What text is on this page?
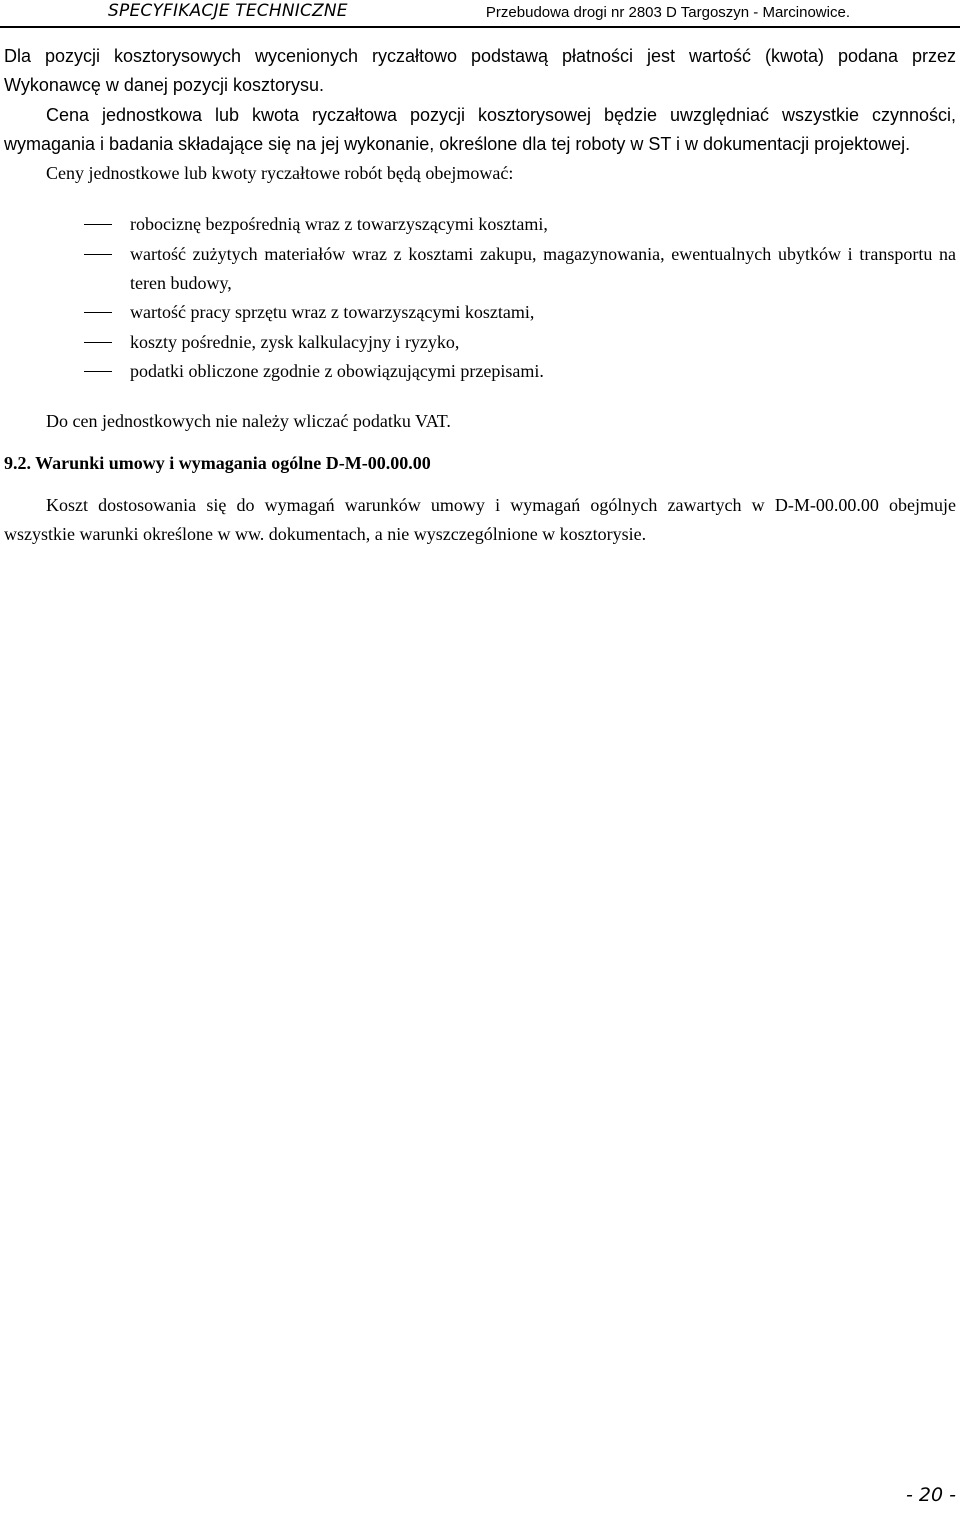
SPECYFIKACJE TECHNICZNE	Przebudowa drogi nr 2803 D Targoszyn - Marcinowice.

Dla pozycji kosztorysowych wycenionych ryczałtowo podstawą płatności jest wartość (kwota) podana przez Wykonawcę w danej pozycji kosztorysu.

Cena jednostkowa lub kwota ryczałtowa pozycji kosztorysowej będzie uwzględniać wszystkie czynności, wymagania i badania składające się na jej wykonanie, określone dla tej roboty w ST i w dokumentacji projektowej.

Ceny jednostkowe lub kwoty ryczałtowe robót będą obejmować:

robociznę bezpośrednią wraz z towarzyszącymi kosztami,
wartość zużytych materiałów wraz z kosztami zakupu, magazynowania, ewentualnych ubytków i transportu na teren budowy,
wartość pracy sprzętu wraz z towarzyszącymi kosztami,
koszty pośrednie, zysk kalkulacyjny i ryzyko,
podatki obliczone zgodnie z obowiązującymi przepisami.

Do cen jednostkowych nie należy wliczać podatku VAT.

9.2. Warunki umowy i wymagania ogólne D-M-00.00.00

Koszt dostosowania się do wymagań warunków umowy i wymagań ogólnych zawartych w D-M-00.00.00 obejmuje wszystkie warunki określone w ww. dokumentach, a nie wyszczególnione w kosztorysie.

- 20 -
